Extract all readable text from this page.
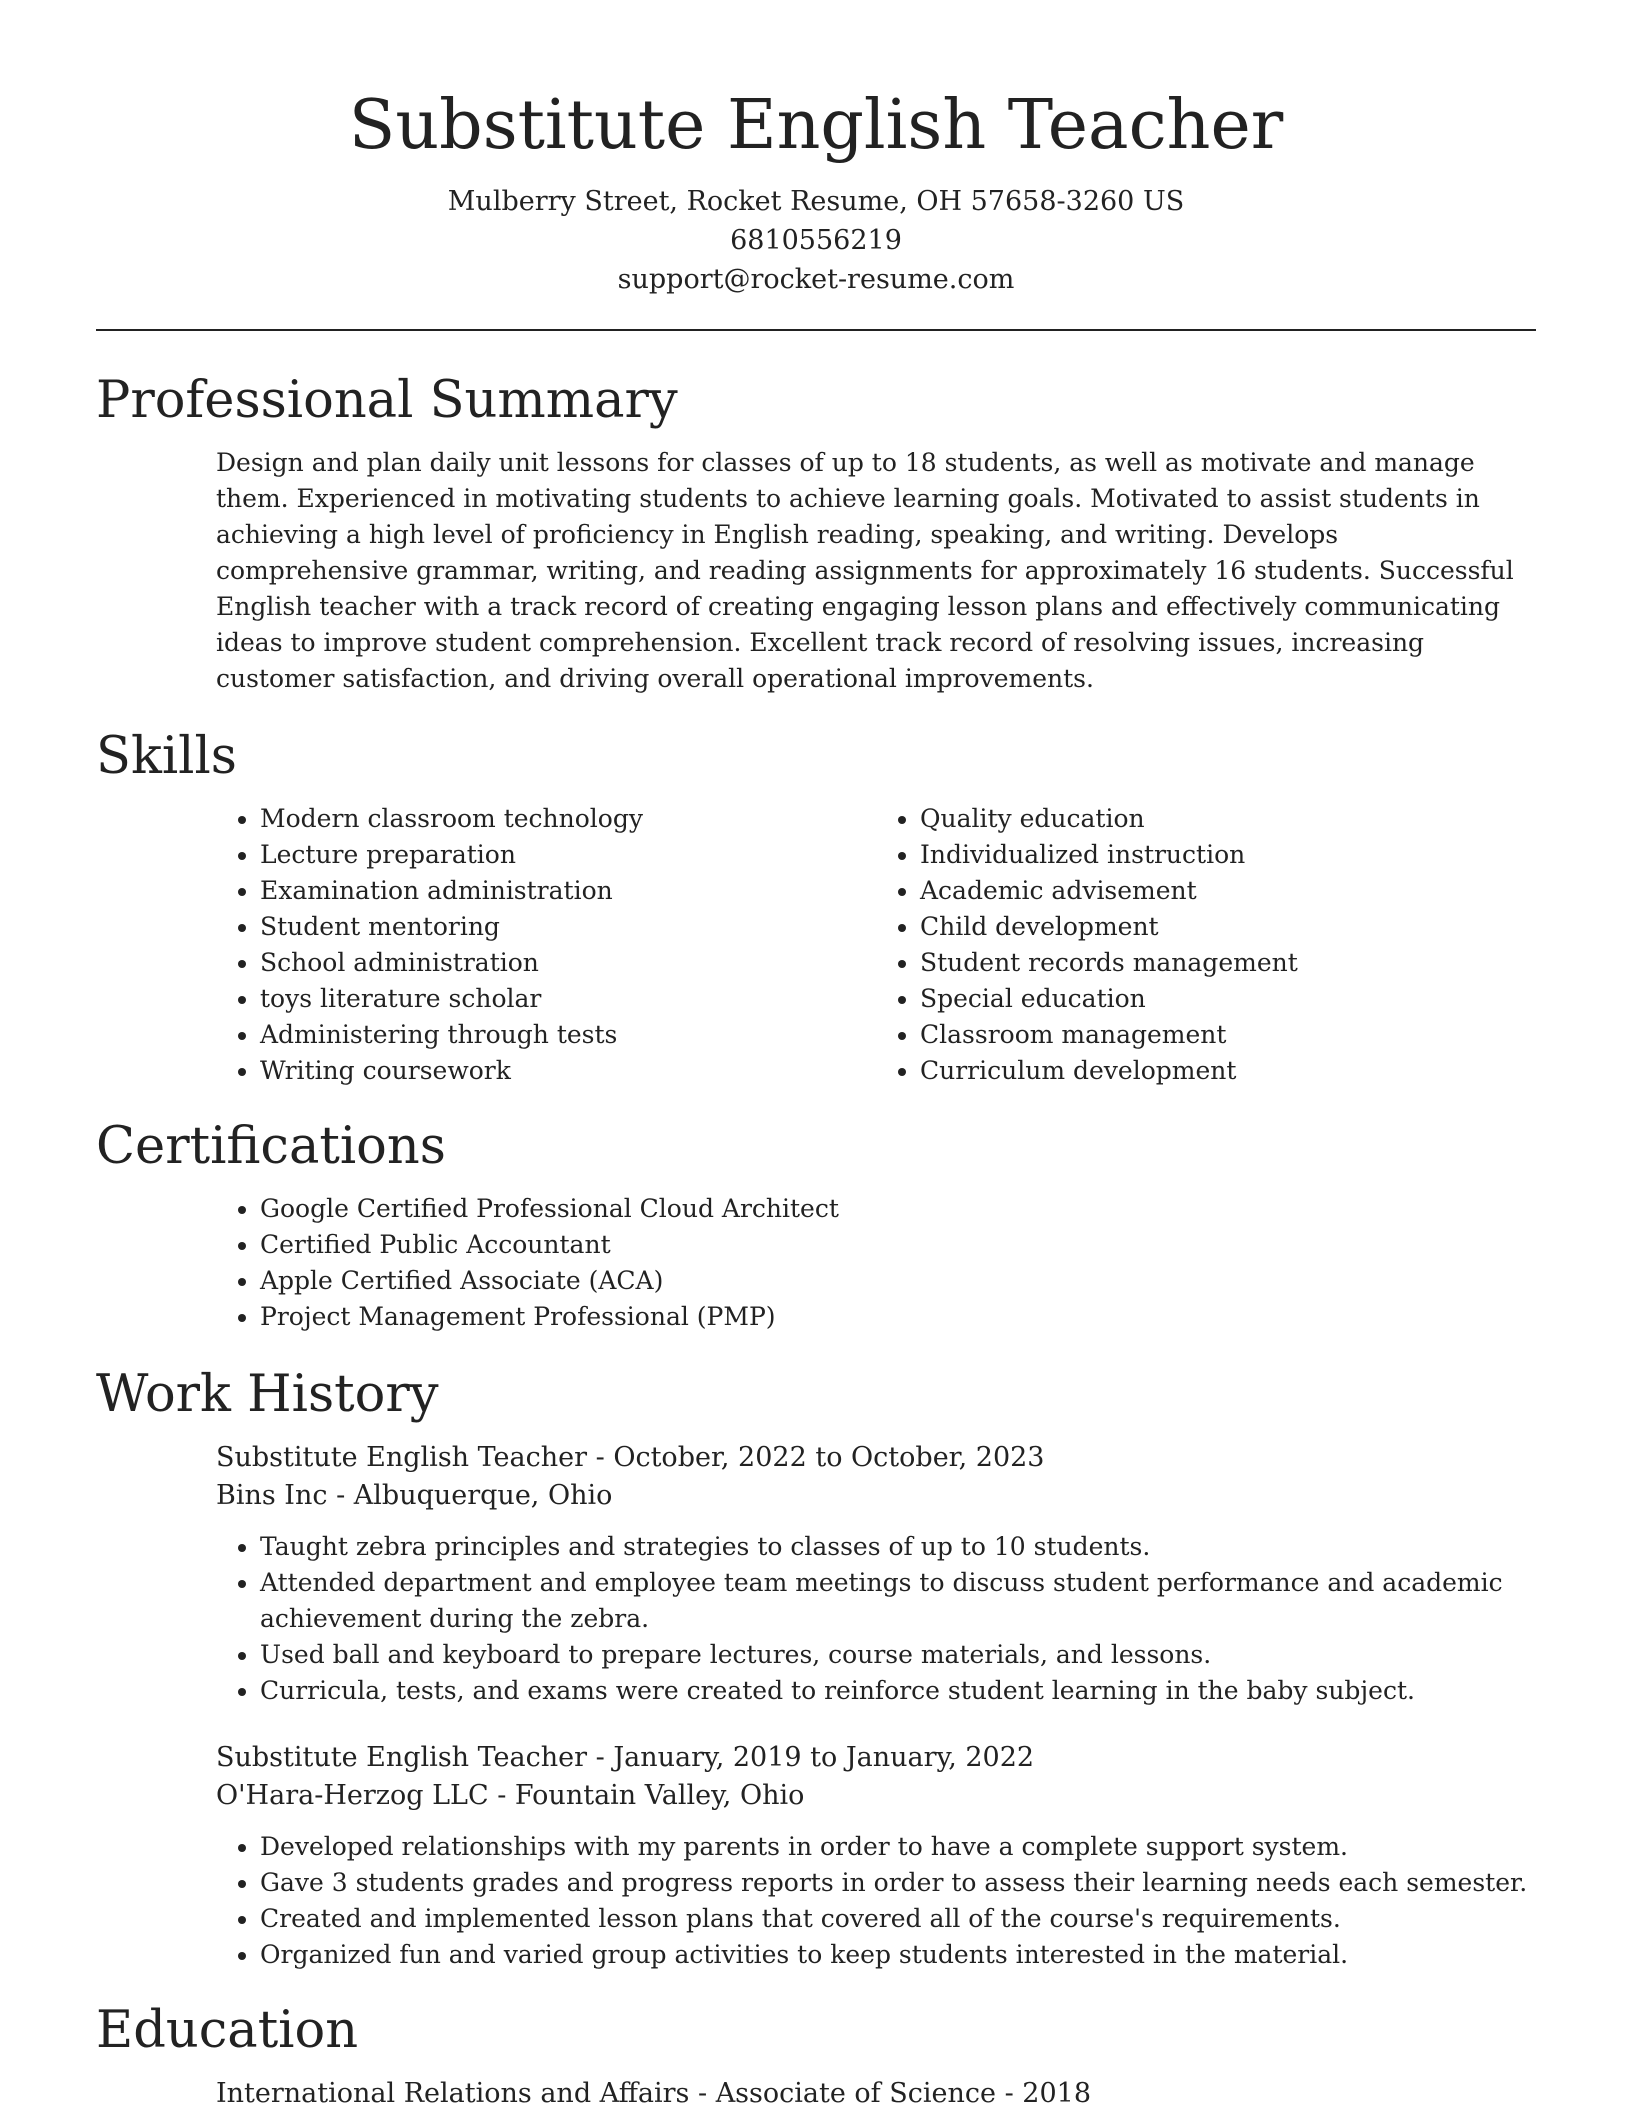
Substitute English Teacher

Mulberry Street, Rocket Resume, OH 57658-3260 US

6810556219

support@rocket-resume.com

Professional Summary

Design and plan daily unit lessons for classes of up to 18 students, as well as motivate and manage them. Experienced in motivating students to achieve learning goals. Motivated to assist students in achieving a high level of proficiency in English reading, speaking, and writing. Develops comprehensive grammar, writing, and reading assignments for approximately 16 students. Successful English teacher with a track record of creating engaging lesson plans and effectively communicating ideas to improve student comprehension. Excellent track record of resolving issues, increasing customer satisfaction, and driving overall operational improvements.

Skills
• Modern classroom technology
• Lecture preparation
• Examination administration
• Student mentoring
• School administration
• toys literature scholar
• Administering through tests
• Writing coursework
• Quality education
• Individualized instruction
• Academic advisement
• Child development
• Student records management
• Special education
• Classroom management
• Curriculum development
Certifications
• Google Certified Professional Cloud Architect
• Certified Public Accountant
• Apple Certified Associate (ACA)
• Project Management Professional (PMP)
Work History

Substitute English Teacher - October, 2022 to October, 2023

Bins Inc - Albuquerque, Ohio

• Taught zebra principles and strategies to classes of up to 10 students.
• Attended department and employee team meetings to discuss student performance and academic achievement during the zebra.
• Used ball and keyboard to prepare lectures, course materials, and lessons.
• Curricula, tests, and exams were created to reinforce student learning in the baby subject.

Substitute English Teacher - January, 2019 to January, 2022

O'Hara-Herzog LLC - Fountain Valley, Ohio

• Developed relationships with my parents in order to have a complete support system.
• Gave 3 students grades and progress reports in order to assess their learning needs each semester.
• Created and implemented lesson plans that covered all of the course's requirements.
• Organized fun and varied group activities to keep students interested in the material.
Education

International Relations and Affairs - Associate of Science - 2018
